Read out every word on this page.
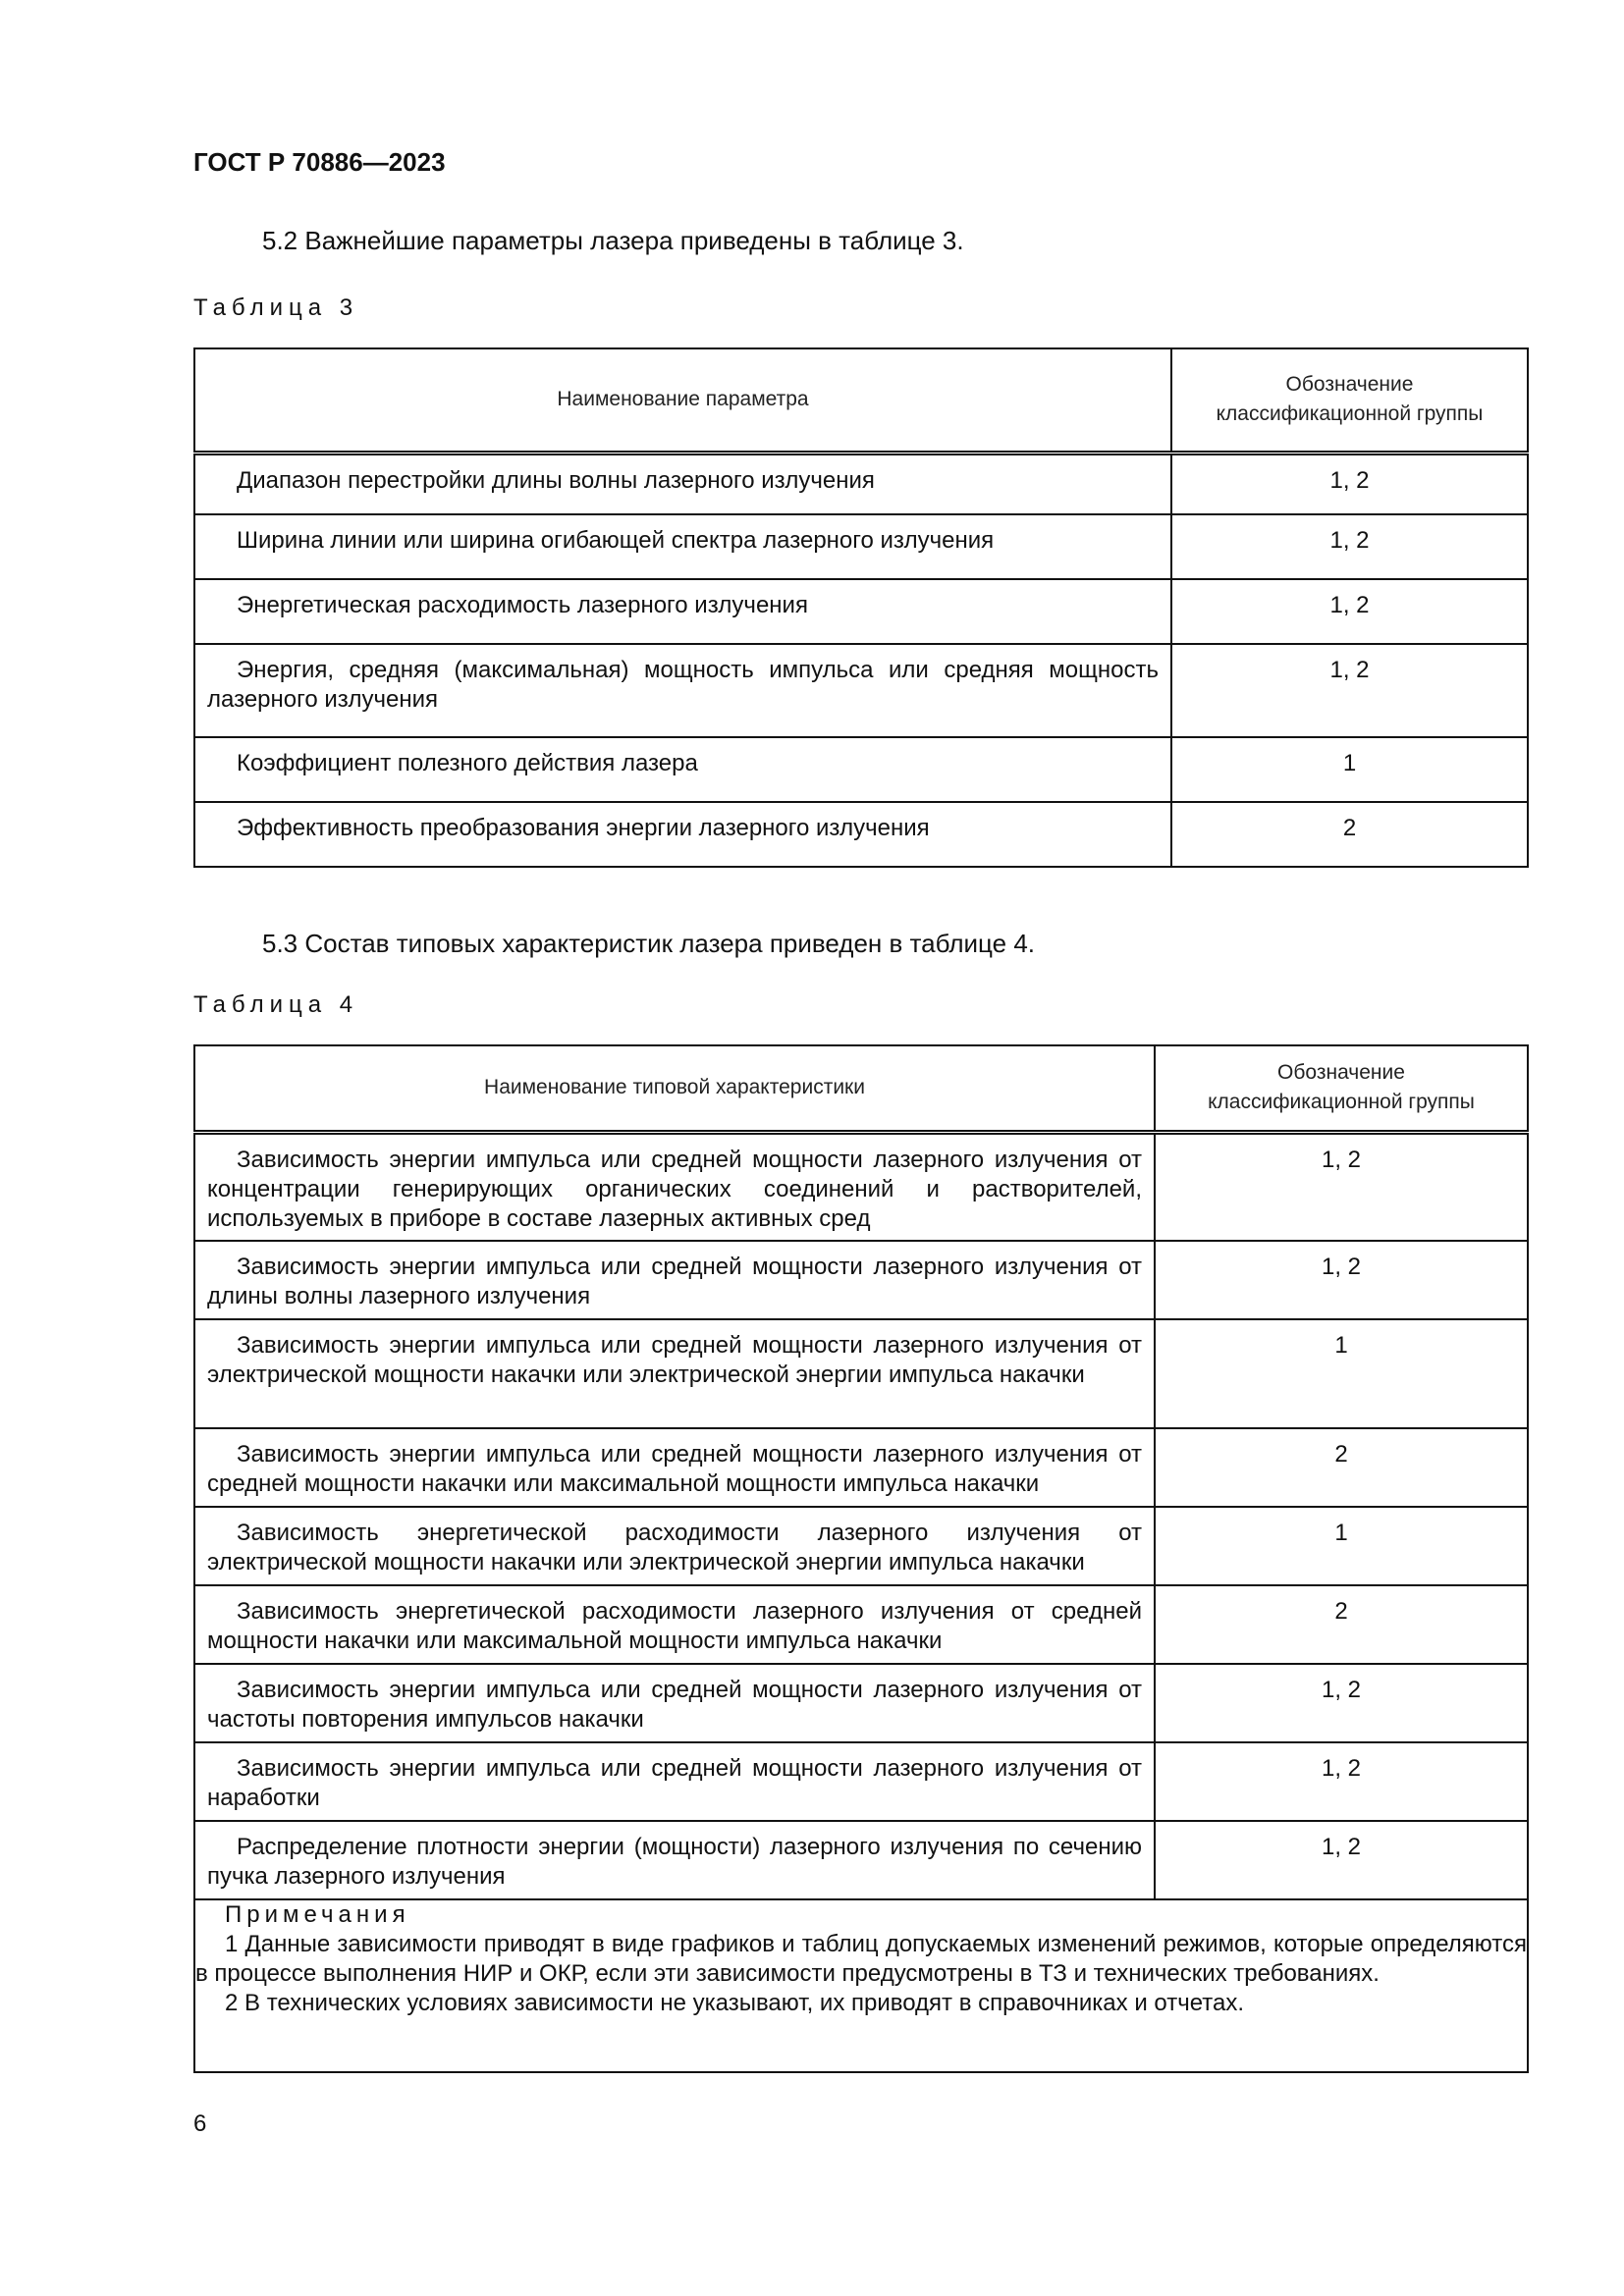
ГОСТ Р 70886—2023
5.2 Важнейшие параметры лазера приведены в таблице 3.
Таблица 3
Наименование параметра	Обозначение классификационной группы

Диапазон перестройки длины волны лазерного излучения	1, 2

Ширина линии или ширина огибающей спектра лазерного излучения	1, 2

Энергетическая расходимость лазерного излучения	1, 2

Энергия, средняя (максимальная) мощность импульса или средняя мощность лазерного излучения	1, 2

Коэффициент полезного действия лазера	1

Эффективность преобразования энергии лазерного излучения	2
5.3 Состав типовых характеристик лазера приведен в таблице 4.
Таблица 4
Наименование типовой характеристики	Обозначение классификационной группы

Зависимость энергии импульса или средней мощности лазерного излучения от концентрации генерирующих органических соединений и растворителей, используемых в приборе в составе лазерных активных сред	1, 2

Зависимость энергии импульса или средней мощности лазерного излучения от длины волны лазерного излучения	1, 2

Зависимость энергии импульса или средней мощности лазерного излучения от электрической мощности накачки или электрической энергии импульса накачки	1

Зависимость энергии импульса или средней мощности лазерного излучения от средней мощности накачки или максимальной мощности импульса накачки	2

Зависимость энергетической расходимости лазерного излучения от электрической мощности накачки или электрической энергии импульса накачки	1

Зависимость энергетической расходимости лазерного излучения от средней мощности накачки или максимальной мощности импульса накачки	2

Зависимость энергии импульса или средней мощности лазерного излучения от частоты повторения импульсов накачки	1, 2

Зависимость энергии импульса или средней мощности лазерного излучения от наработки	1, 2

Распределение плотности энергии (мощности) лазерного излучения по сечению пучка лазерного излучения	1, 2

Примечания
1 Данные зависимости приводят в виде графиков и таблиц допускаемых изменений режимов, которые определяются в процессе выполнения НИР и ОКР, если эти зависимости предусмотрены в ТЗ и технических требованиях.
2 В технических условиях зависимости не указывают, их приводят в справочниках и отчетах.	
6
